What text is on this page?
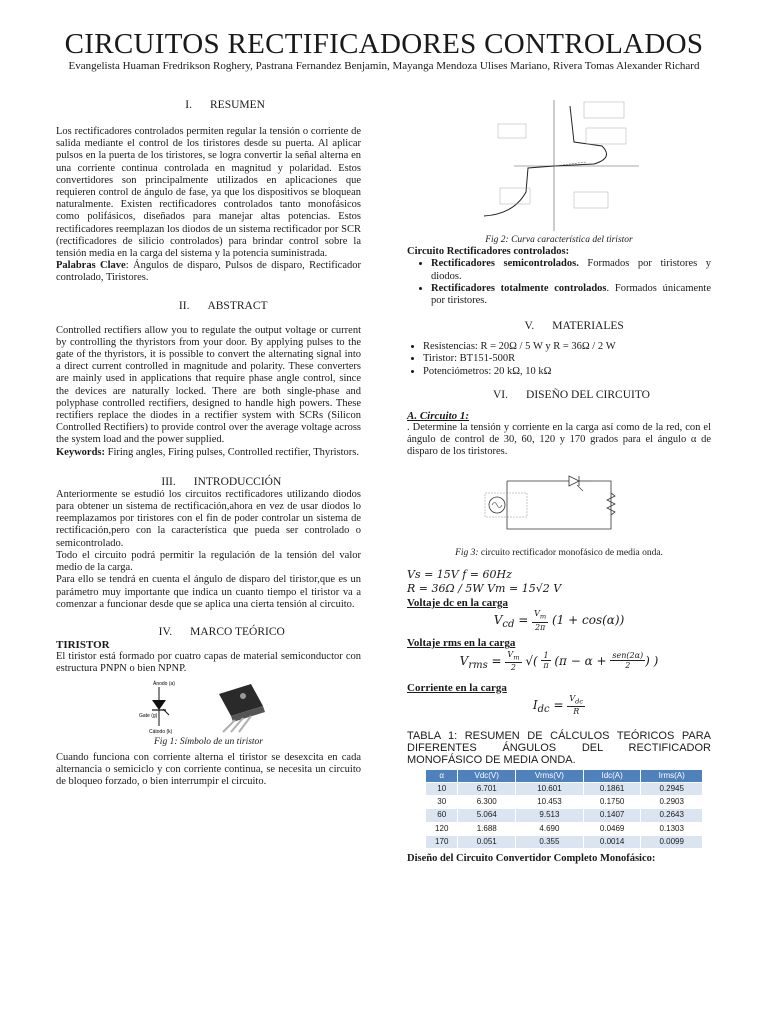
CIRCUITOS RECTIFICADORES CONTROLADOS
Evangelista Huaman Fredrikson Roghery, Pastrana Fernandez Benjamin, Mayanga Mendoza Ulises Mariano, Rivera Tomas Alexander Richard

I. RESUMEN

Los rectificadores controlados permiten regular la tensión o corriente de salida mediante el control de los tiristores desde su puerta. Al aplicar pulsos en la puerta de los tiristores, se logra convertir la señal alterna en una corriente continua controlada en magnitud y polaridad. Estos convertidores son principalmente utilizados en aplicaciones que requieren control de ángulo de fase, ya que los dispositivos se bloquean naturalmente. Existen rectificadores controlados tanto monofásicos como polifásicos, diseñados para manejar altas potencias. Estos rectificadores reemplazan los diodos de un sistema rectificador por SCR (rectificadores de silicio controlados) para brindar control sobre la tensión media en la carga del sistema y la potencia suministrada.

Palabras Clave: Ángulos de disparo, Pulsos de disparo, Rectificador controlado, Tiristores.

II. ABSTRACT

Controlled rectifiers allow you to regulate the output voltage or current by controlling the thyristors from your door. By applying pulses to the gate of the thyristors, it is possible to convert the alternating signal into a direct current controlled in magnitude and polarity. These converters are mainly used in applications that require phase angle control, since the devices are naturally locked. There are both single-phase and polyphase controlled rectifiers, designed to handle high powers. These rectifiers replace the diodes in a rectifier system with SCRs (Silicon Controlled Rectifiers) to provide control over the average voltage across the system load and the power supplied.

Keywords: Firing angles, Firing pulses, Controlled rectifier, Thyristors.

III. INTRODUCCIÓN

Anteriormente se estudió los circuitos rectificadores utilizando diodos para obtener un sistema de rectificación,ahora en vez de usar diodos lo reemplazamos por tiristores con el fin de poder controlar un sistema de rectificación,pero con la característica que pueda ser controlado o semicontrolado.

Todo el circuito podrá permitir la regulación de la tensión del valor medio de la carga.

Para ello se tendrá en cuenta el ángulo de disparo del tiristor,que es un parámetro muy importante que indica un cuanto tiempo el tiristor va a comenzar a funcionar desde que se aplica una cierta tensión al circuito.

IV. MARCO TEÓRICO

TIRISTOR

El tiristor está formado por cuatro capas de material semiconductor con estructura PNPN o bien NPNP.

Ánodo (a)
Gate (g)
Cátodo (k)

Fig 1: Símbolo de un tiristor

Cuando funciona con corriente alterna el tiristor se desexcita en cada alternancia o semiciclo y con corriente continua, se necesita un circuito de bloqueo forzado, o bien interrumpir el circuito.

Fig 2: Curva característica del tiristor

Circuito Rectificadores controlados:

• Rectificadores semicontrolados. Formados por tiristores y diodos.
• Rectificadores totalmente controlados. Formados únicamente por tiristores.

V. MATERIALES

• Resistencias: R = 20Ω / 5 W y R = 36Ω / 2 W
• Tiristor: BT151-500R
• Potenciómetros: 20 kΩ, 10 kΩ

VI. DISEÑO DEL CIRCUITO

A. Circuito 1:

. Determine la tensión y corriente en la carga así como de la red, con el ángulo de control de 30, 60, 120 y 170 grados para el ángulo α de disparo de los tiristores.

Fig 3: circuito rectificador monofásico de media onda.

Vs = 15V f = 60Hz

R = 36Ω / 5W Vm = 15√2 V

Voltaje dc en la carga

$V_{cd} = \frac{V_m}{2\pi} (1 + \cos(\alpha))$

Voltaje rms en la carga

$V_{rms} = \frac{V_m}{2}$ √( $\frac{1}{\pi} (\pi - \alpha + \frac{\text{sen(2α)}}{2}$ ) )

Corriente en la carga

$I_{dc} = \frac{V_{dc}}{R}$

TABLA 1: RESUMEN DE CÁLCULOS TEÓRICOS PARA DIFERENTES ÁNGULOS DEL RECTIFICADOR MONOFÁSICO DE MEDIA ONDA.

α	Vdc(V)	Vrms(V)	Idc(A)	Irms(A)
10	6.701	10.601	0.1861	0.2945
30	6.300	10.453	0.1750	0.2903
60	5.064	9.513	0.1407	0.2643
120	1.688	4.690	0.0469	0.1303
170	0.051	0.355	0.0014	0.0099

Diseño del Circuito Convertidor Completo Monofásico:
